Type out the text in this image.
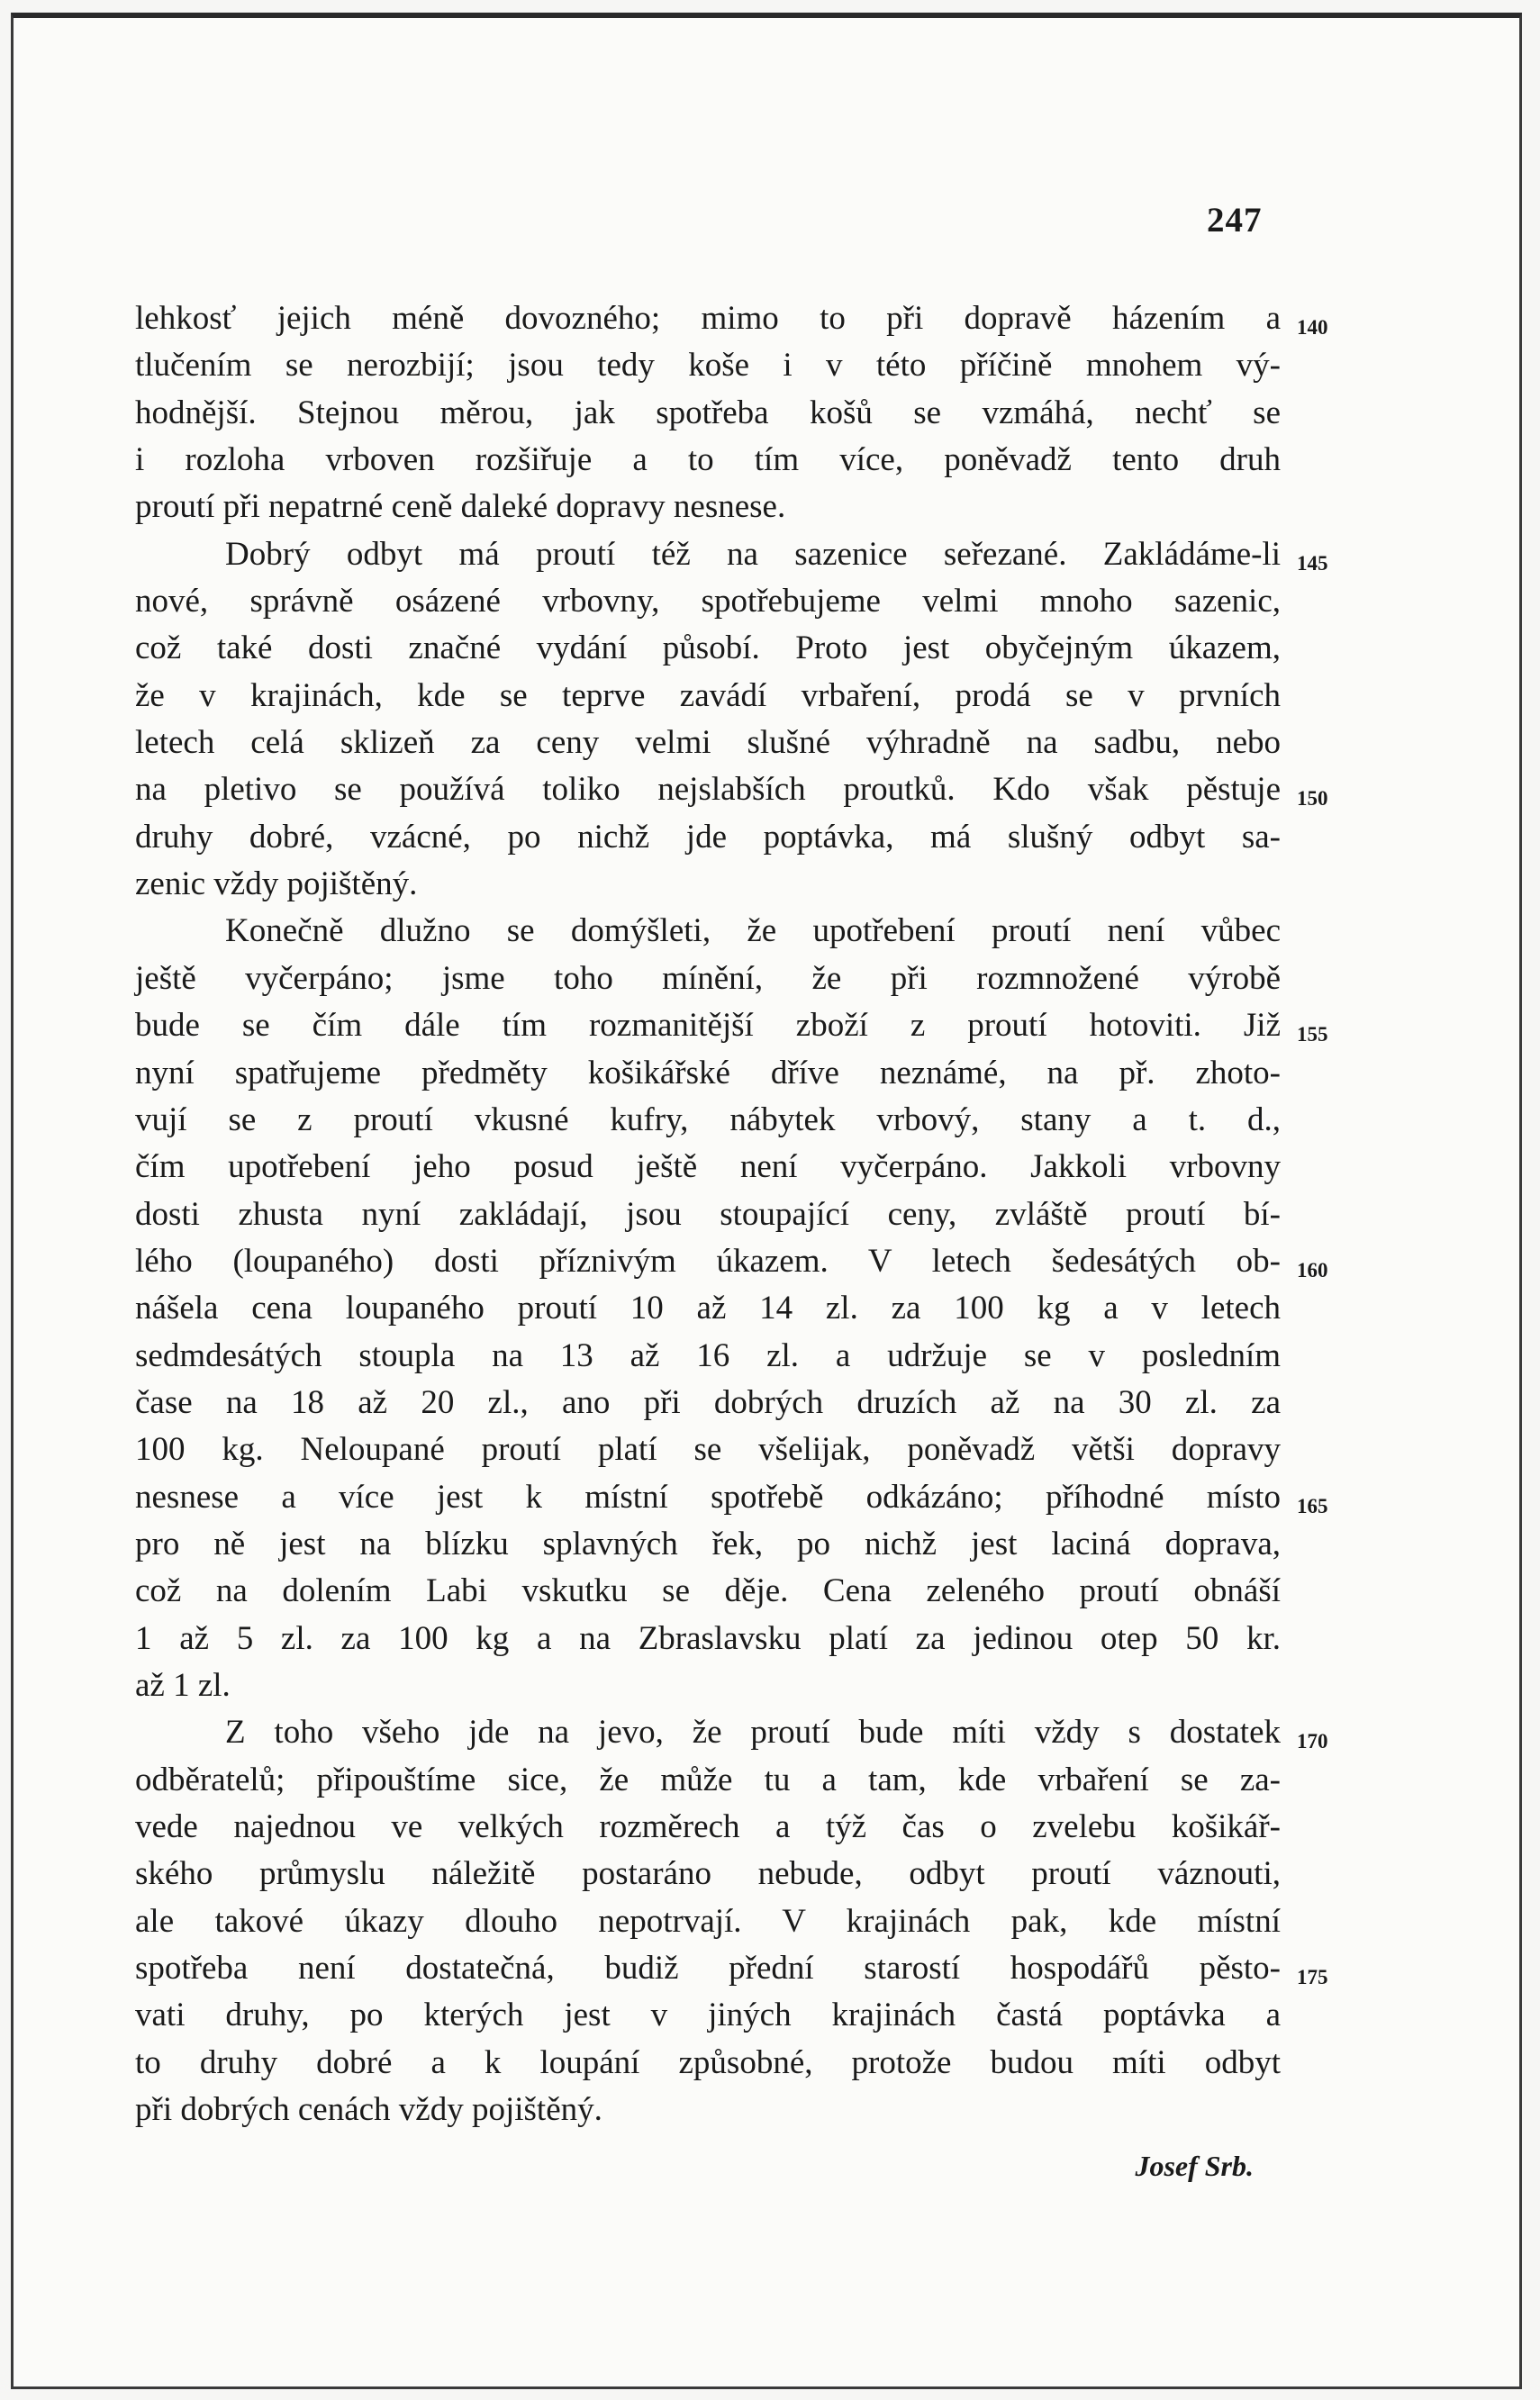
247
lehkosť jejich méně dovozného; mimo to při dopravě házením a 140
tlučením se nerozbijí; jsou tedy koše i v této příčině mnohem vý-
hodnější. Stejnou měrou, jak spotřeba košů se vzmáhá, nechť se
i rozloha vrboven rozšiřuje a to tím více, poněvadž tento druh
proutí při nepatrné ceně daleké dopravy nesnese.
Dobrý odbyt má proutí též na sazenice seřezané. Zakládáme-li 145
nové, správně osázené vrbovny, spotřebujeme velmi mnoho sazenic,
což také dosti značné vydání působí. Proto jest obyčejným úkazem,
že v krajinách, kde se teprve zavádí vrbaření, prodá se v prvních
letech celá sklizeň za ceny velmi slušné výhradně na sadbu, nebo
na pletivo se používá toliko nejslabších proutků. Kdo však pěstuje 150
druhy dobré, vzácné, po nichž jde poptávka, má slušný odbyt sa-
zenic vždy pojištěný.
Konečně dlužno se domýšleti, že upotřebení proutí není vůbec
ještě vyčerpáno; jsme toho mínění, že při rozmnožené výrobě
bude se čím dále tím rozmanitější zboží z proutí hotoviti. Již 155
nyní spatřujeme předměty košikářské dříve neznámé, na př. zhoto-
vují se z proutí vkusné kufry, nábytek vrbový, stany a t. d.,
čím upotřebení jeho posud ještě není vyčerpáno. Jakkoli vrbovny
dosti zhusta nyní zakládají, jsou stoupající ceny, zvláště proutí bí-
lého (loupaného) dosti příznivým úkazem. V letech šedesátých ob- 160
nášela cena loupaného proutí 10 až 14 zl. za 100 kg a v letech
sedmdesátých stoupla na 13 až 16 zl. a udržuje se v posledním
čase na 18 až 20 zl., ano při dobrých druzích až na 30 zl. za
100 kg. Neloupané proutí platí se všelijak, poněvadž větši dopravy
nesnese a více jest k místní spotřebě odkázáno; příhodné místo 165
pro ně jest na blízku splavných řek, po nichž jest laciná doprava,
což na dolením Labi vskutku se děje. Cena zeleného proutí obnáší
1 až 5 zl. za 100 kg a na Zbraslavsku platí za jedinou otep 50 kr.
až 1 zl.
Z toho všeho jde na jevo, že proutí bude míti vždy s dostatek 170
odběratelů; připouštíme sice, že může tu a tam, kde vrbaření se za-
vede najednou ve velkých rozměrech a týž čas o zvelebu košikář-
ského průmyslu náležitě postaráno nebude, odbyt proutí váznouti,
ale takové úkazy dlouho nepotrvají. V krajinách pak, kde místní
spotřeba není dostatečná, budiž přední starostí hospodářů pěsto- 175
vati druhy, po kterých jest v jiných krajinách častá poptávka a
to druhy dobré a k loupání způsobné, protože budou míti odbyt
při dobrých cenách vždy pojištěný.
Josef Srb.
